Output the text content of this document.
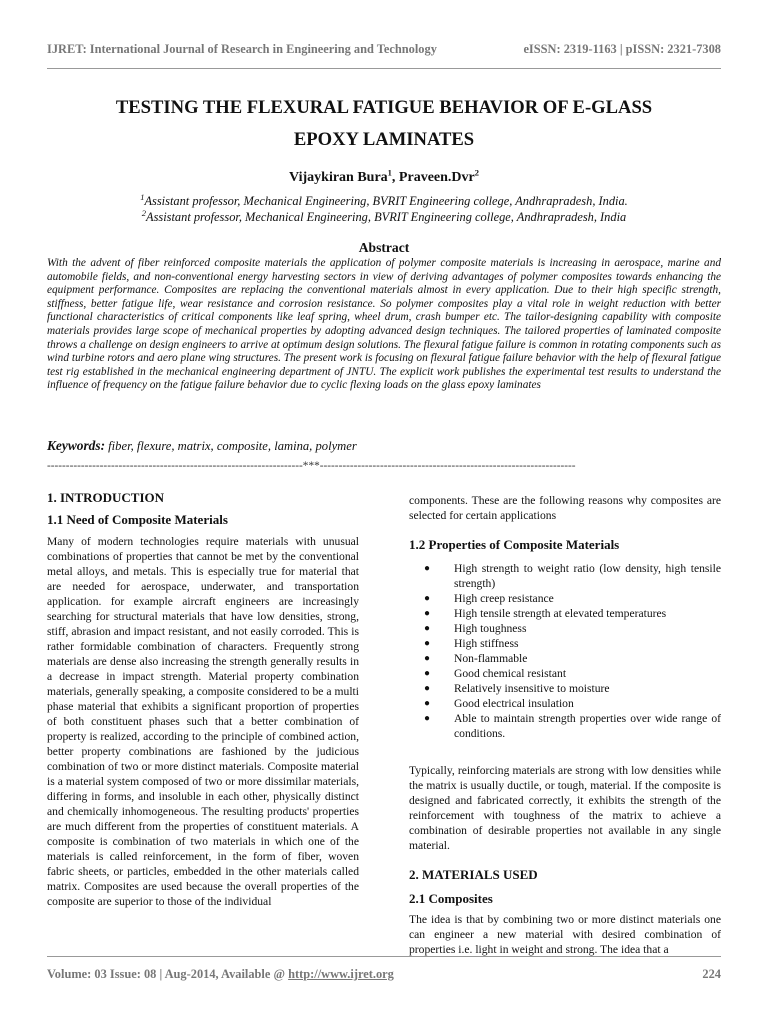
IJRET: International Journal of Research in Engineering and Technology	eISSN: 2319-1163 | pISSN: 2321-7308
TESTING THE FLEXURAL FATIGUE BEHAVIOR OF E-GLASS
EPOXY LAMINATES
Vijaykiran Bura$^1$, Praveen.Dvr$^2$
$^1$Assistant professor, Mechanical Engineering, BVRIT Engineering college, Andhrapradesh, India.
$^2$Assistant professor, Mechanical Engineering, BVRIT Engineering college, Andhrapradesh, India
Abstract
With the advent of fiber reinforced composite materials the application of polymer composite materials is increasing in aerospace, marine and automobile fields, and non-conventional energy harvesting sectors in view of deriving advantages of polymer composites towards enhancing the equipment performance. Composites are replacing the conventional materials almost in every application. Due to their high specific strength, stiffness, better fatigue life, wear resistance and corrosion resistance. So polymer composites play a vital role in weight reduction with better functional characteristics of critical components like leaf spring, wheel drum, crash bumper etc. The tailor-designing capability with composite materials provides large scope of mechanical properties by adopting advanced design techniques. The tailored properties of laminated composite throws a challenge on design engineers to arrive at optimum design solutions. The flexural fatigue failure is common in rotating components such as wind turbine rotors and aero plane wing structures. The present work is focusing on flexural fatigue failure behavior with the help of flexural fatigue test rig established in the mechanical engineering department of JNTU. The explicit work publishes the experimental test results to understand the influence of frequency on the fatigue failure behavior due to cyclic flexing loads on the glass epoxy laminates
Keywords: fiber, flexure, matrix, composite, lamina, polymer
--------------------------------------------------------------------***--------------------------------------------------------------------

1. INTRODUCTION

1.1 Need of Composite Materials

Many of modern technologies require materials with unusual combinations of properties that cannot be met by the conventional metal alloys, and metals. This is especially true for material that are needed for aerospace, underwater, and transportation application. for example aircraft engineers are increasingly searching for structural materials that have low densities, strong, stiff, abrasion and impact resistant, and not easily corroded. This is rather formidable combination of characters. Frequently strong materials are dense also increasing the strength generally results in a decrease in impact strength. Material property combination materials, generally speaking, a composite considered to be a multi phase material that exhibits a significant proportion of properties of both constituent phases such that a better combination of property is realized, according to the principle of combined action, better property combinations are fashioned by the judicious combination of two or more distinct materials. Composite material is a material system composed of two or more dissimilar materials, differing in forms, and insoluble in each other, physically distinct and chemically inhomogeneous. The resulting products' properties are much different from the properties of constituent materials. A composite is combination of two materials in which one of the materials is called reinforcement, in the form of fiber, woven fabric sheets, or particles, embedded in the other materials called matrix. Composites are used because the overall properties of the composite are superior to those of the individual

components. These are the following reasons why composites are selected for certain applications

1.2 Properties of Composite Materials

● High strength to weight ratio (low density, high tensile strength)
● High creep resistance
● High tensile strength at elevated temperatures
● High toughness
● High stiffness
● Non-flammable
● Good chemical resistant
● Relatively insensitive to moisture
● Good electrical insulation
● Able to maintain strength properties over wide range of conditions.

Typically, reinforcing materials are strong with low densities while the matrix is usually ductile, or tough, material. If the composite is designed and fabricated correctly, it exhibits the strength of the reinforcement with toughness of the matrix to achieve a combination of desirable properties not available in any single material.

2. MATERIALS USED

2.1 Composites

The idea is that by combining two or more distinct materials one can engineer a new material with desired combination of properties i.e. light in weight and strong. The idea that a

Volume: 03 Issue: 08 | Aug-2014, Available @ http://www.ijret.org	224
